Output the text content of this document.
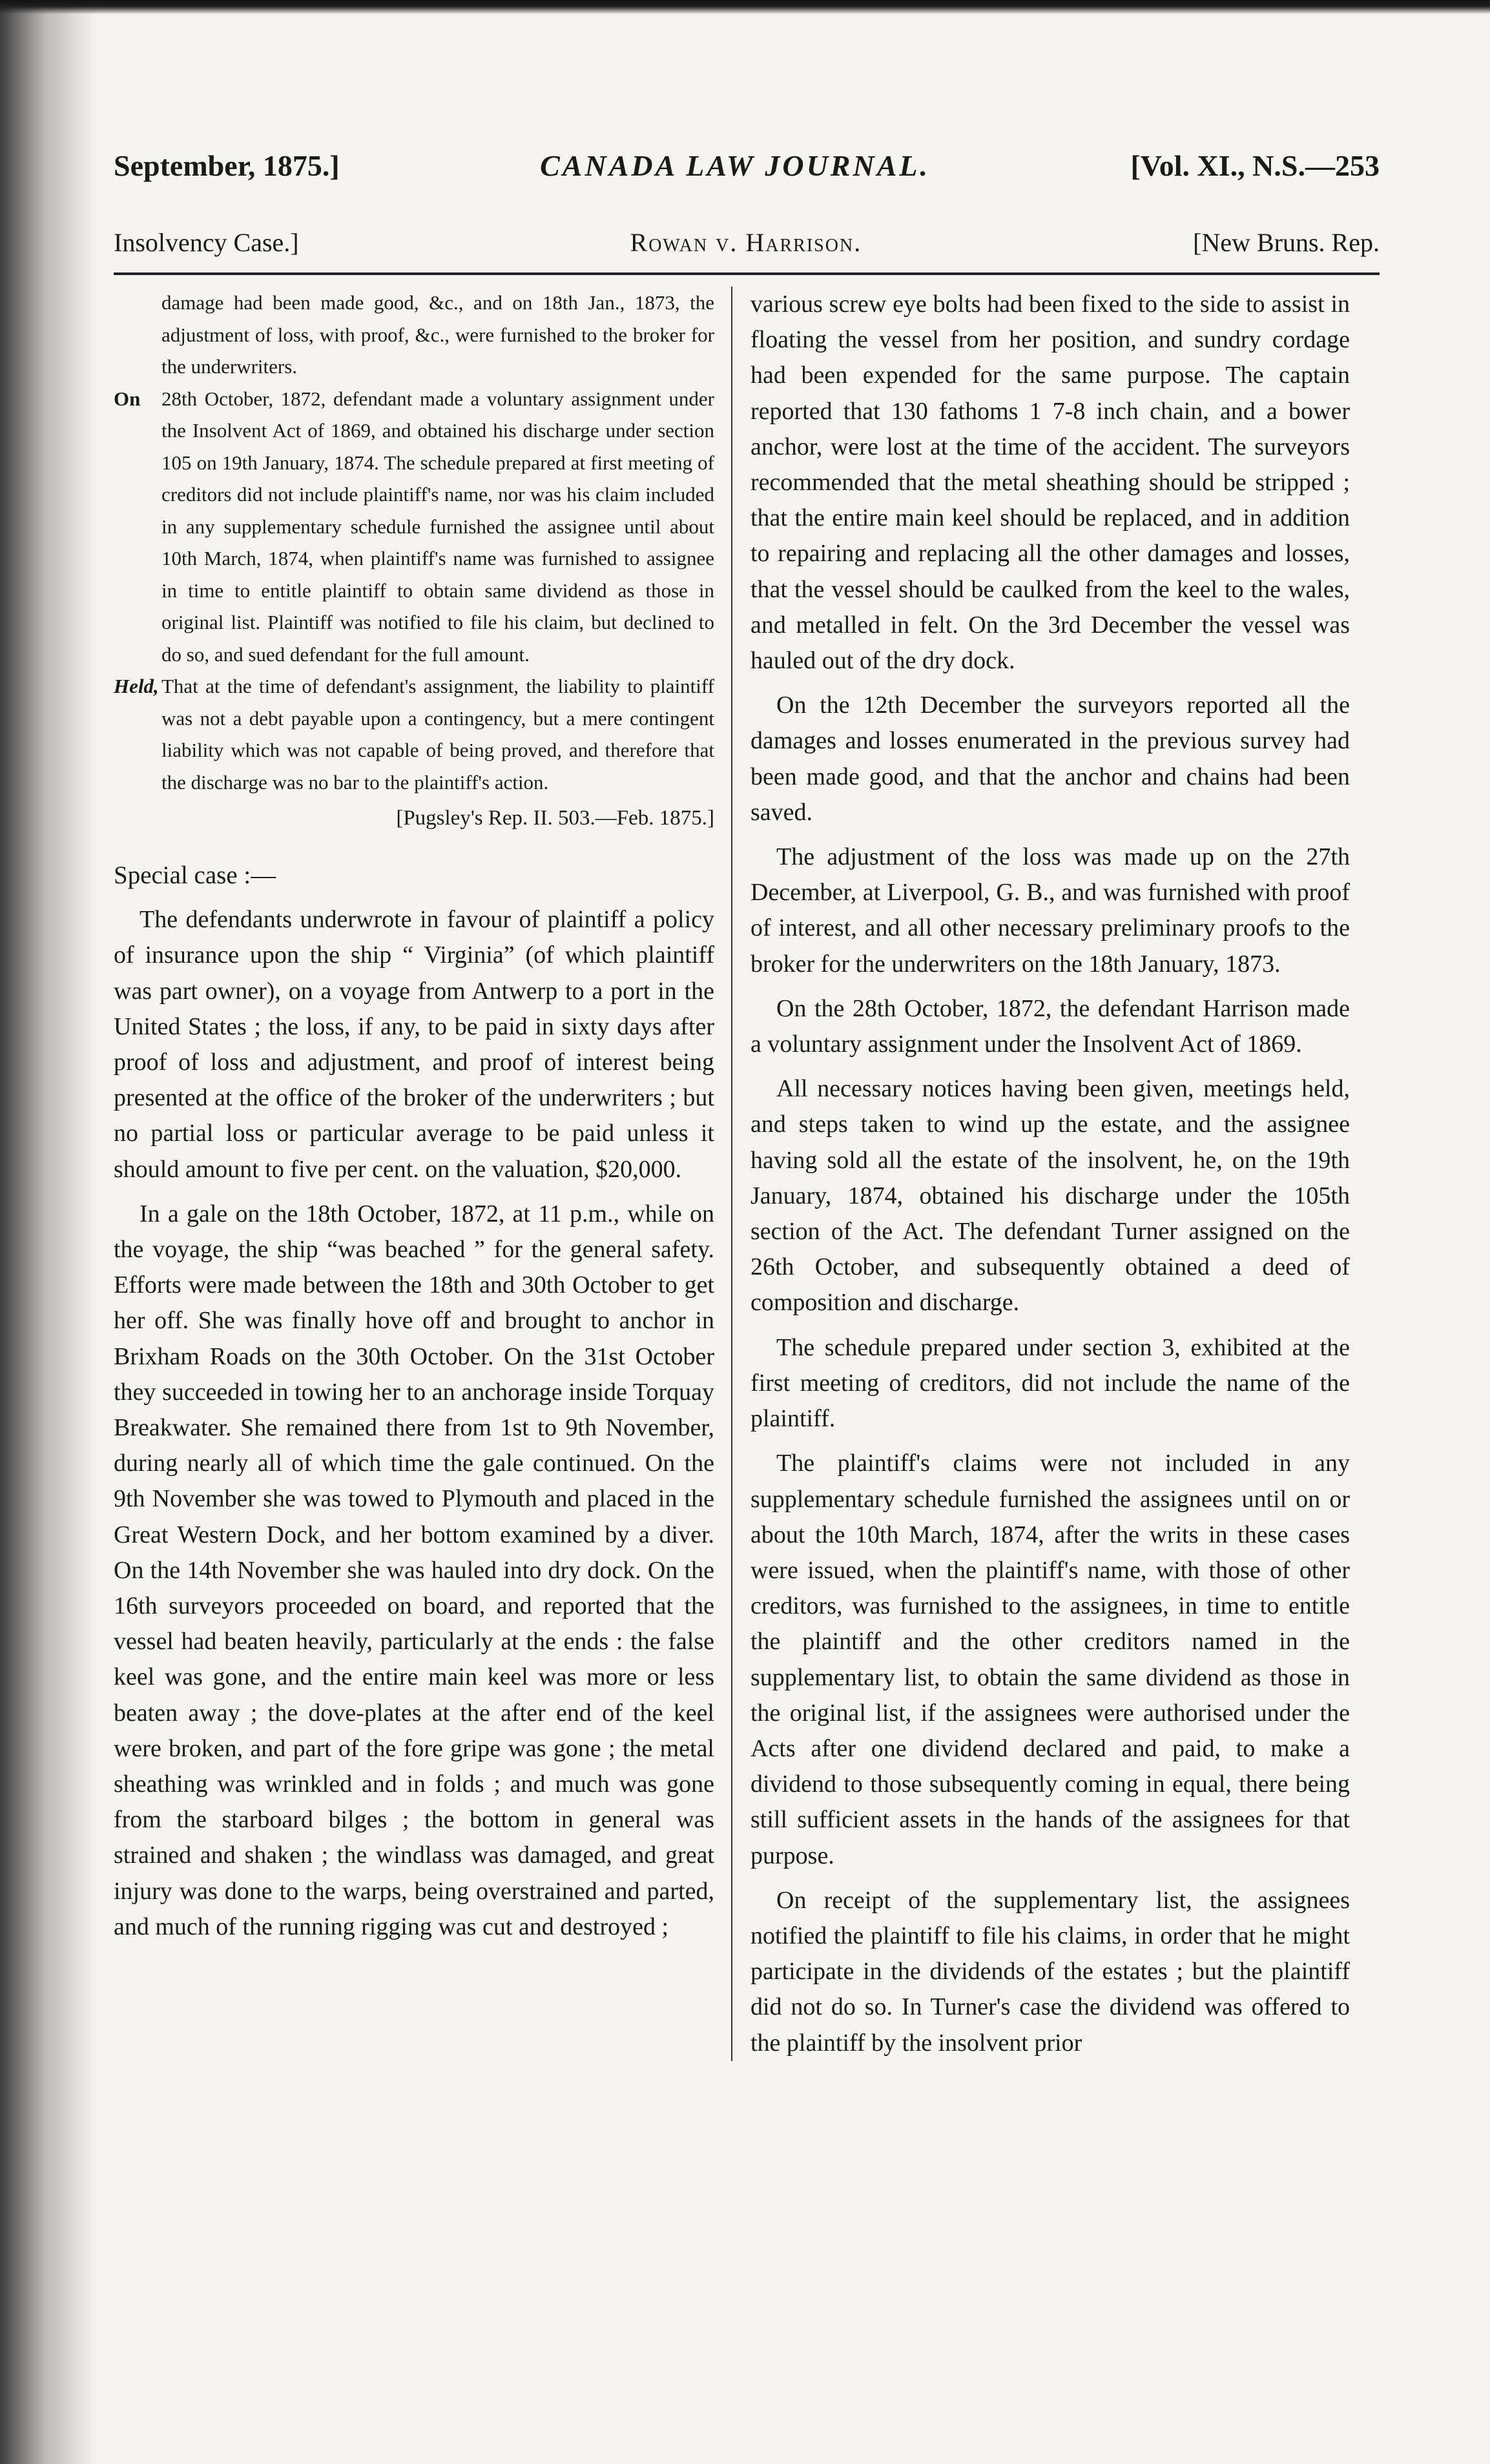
September, 1875.]	CANADA LAW JOURNAL.	[Vol. XI., N.S.—253
Insolvency Case.]	Rowan v. Harrison.	[New Bruns. Rep.

damage had been made good, &c., and on 18th Jan., 1873, the adjustment of loss, with proof, &c., were furnished to the broker for the underwriters.

On 28th October, 1872, defendant made a voluntary assignment under the Insolvent Act of 1869, and obtained his discharge under section 105 on 19th January, 1874. The schedule prepared at first meeting of creditors did not include plaintiff's name, nor was his claim included in any supplementary schedule furnished the assignee until about 10th March, 1874, when plaintiff's name was furnished to assignee in time to entitle plaintiff to obtain same dividend as those in original list. Plaintiff was notified to file his claim, but declined to do so, and sued defendant for the full amount.

Held, That at the time of defendant's assignment, the liability to plaintiff was not a debt payable upon a contingency, but a mere contingent liability which was not capable of being proved, and therefore that the discharge was no bar to the plaintiff's action.

[Pugsley's Rep. II. 503.—Feb. 1875.]
Special case :—

The defendants underwrote in favour of plaintiff a policy of insurance upon the ship “ Virginia” (of which plaintiff was part owner), on a voyage from Antwerp to a port in the United States ; the loss, if any, to be paid in sixty days after proof of loss and adjustment, and proof of interest being presented at the office of the broker of the underwriters ; but no partial loss or particular average to be paid unless it should amount to five per cent. on the valuation, $20,000.

In a gale on the 18th October, 1872, at 11 p.m., while on the voyage, the ship “was beached ” for the general safety. Efforts were made between the 18th and 30th October to get her off. She was finally hove off and brought to anchor in Brixham Roads on the 30th October. On the 31st October they succeeded in towing her to an anchorage inside Torquay Breakwater. She remained there from 1st to 9th November, during nearly all of which time the gale continued. On the 9th November she was towed to Plymouth and placed in the Great Western Dock, and her bottom examined by a diver. On the 14th November she was hauled into dry dock. On the 16th surveyors proceeded on board, and reported that the vessel had beaten heavily, particularly at the ends : the false keel was gone, and the entire main keel was more or less beaten away ; the dove-plates at the after end of the keel were broken, and part of the fore gripe was gone ; the metal sheathing was wrinkled and in folds ; and much was gone from the starboard bilges ; the bottom in general was strained and shaken ; the windlass was damaged, and great injury was done to the warps, being overstrained and parted, and much of the running rigging was cut and destroyed ;

various screw eye bolts had been fixed to the side to assist in floating the vessel from her position, and sundry cordage had been expended for the same purpose. The captain reported that 130 fathoms 1 7-8 inch chain, and a bower anchor, were lost at the time of the accident. The surveyors recommended that the metal sheathing should be stripped ; that the entire main keel should be replaced, and in addition to repairing and replacing all the other damages and losses, that the vessel should be caulked from the keel to the wales, and metalled in felt. On the 3rd December the vessel was hauled out of the dry dock.

On the 12th December the surveyors reported all the damages and losses enumerated in the previous survey had been made good, and that the anchor and chains had been saved.

The adjustment of the loss was made up on the 27th December, at Liverpool, G. B., and was furnished with proof of interest, and all other necessary preliminary proofs to the broker for the underwriters on the 18th January, 1873.

On the 28th October, 1872, the defendant Harrison made a voluntary assignment under the Insolvent Act of 1869.

All necessary notices having been given, meetings held, and steps taken to wind up the estate, and the assignee having sold all the estate of the insolvent, he, on the 19th January, 1874, obtained his discharge under the 105th section of the Act. The defendant Turner assigned on the 26th October, and subsequently obtained a deed of composition and discharge.

The schedule prepared under section 3, exhibited at the first meeting of creditors, did not include the name of the plaintiff.

The plaintiff's claims were not included in any supplementary schedule furnished the assignees until on or about the 10th March, 1874, after the writs in these cases were issued, when the plaintiff's name, with those of other creditors, was furnished to the assignees, in time to entitle the plaintiff and the other creditors named in the supplementary list, to obtain the same dividend as those in the original list, if the assignees were authorised under the Acts after one dividend declared and paid, to make a dividend to those subsequently coming in equal, there being still sufficient assets in the hands of the assignees for that purpose.

On receipt of the supplementary list, the assignees notified the plaintiff to file his claims, in order that he might participate in the dividends of the estates ; but the plaintiff did not do so. In Turner's case the dividend was offered to the plaintiff by the insolvent prior
